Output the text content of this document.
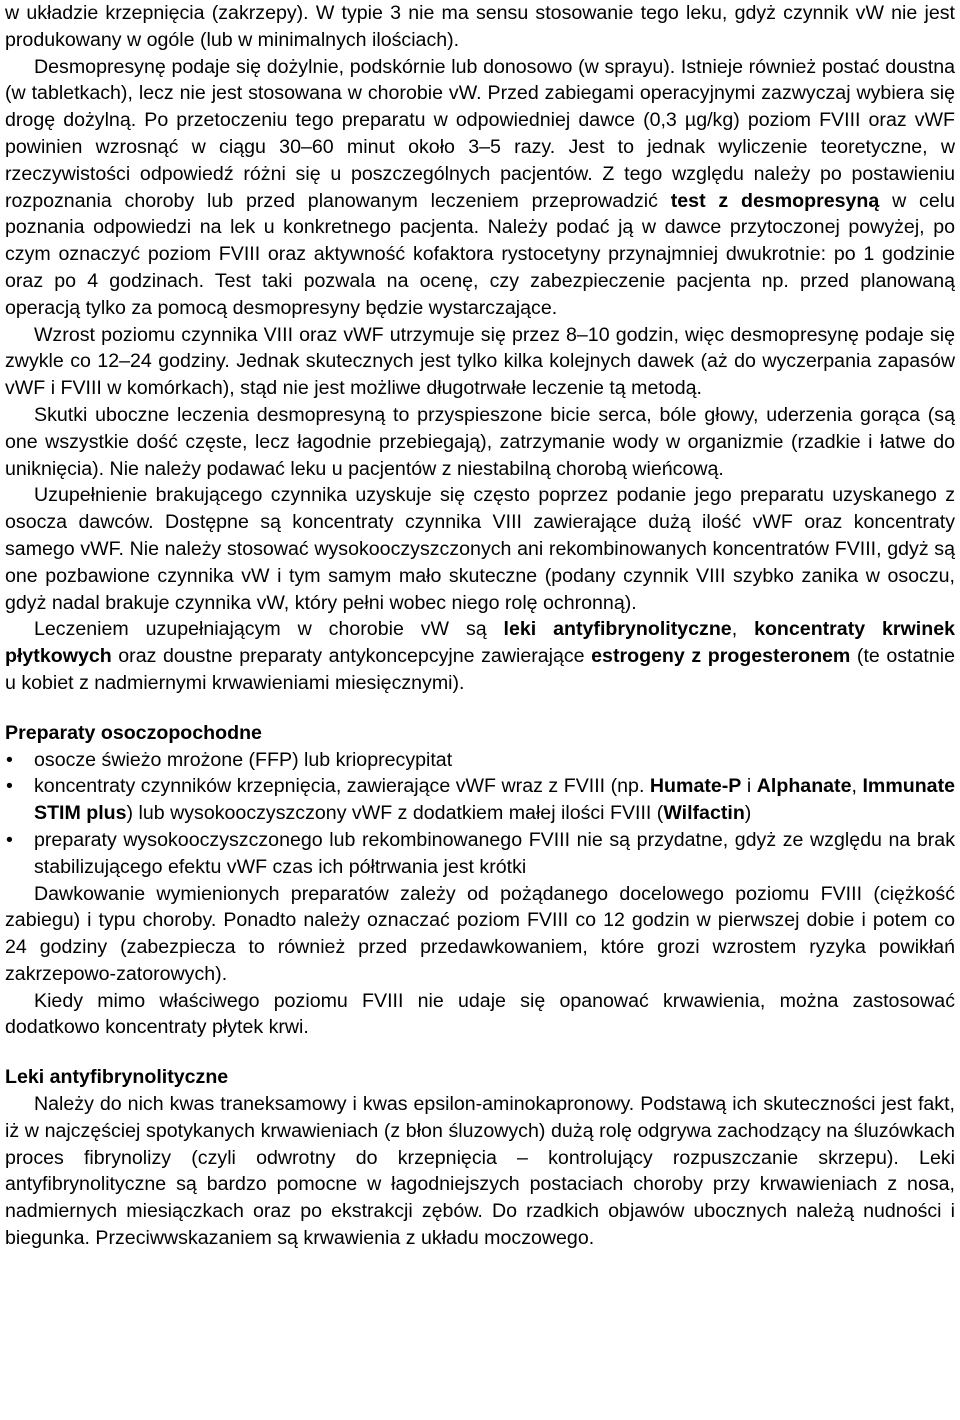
w układzie krzepnięcia (zakrzepy). W typie 3 nie ma sensu stosowanie tego leku, gdyż czynnik vW nie jest produkowany w ogóle (lub w minimalnych ilościach).

Desmopresynę podaje się dożylnie, podskórnie lub donosowo (w sprayu). Istnieje również postać doustna (w tabletkach), lecz nie jest stosowana w chorobie vW. Przed zabiegami operacyjnymi zazwyczaj wybiera się drogę dożylną. Po przetoczeniu tego preparatu w odpowiedniej dawce (0,3 µg/kg) poziom FVIII oraz vWF powinien wzrosnąć w ciągu 30–60 minut około 3–5 razy. Jest to jednak wyliczenie teoretyczne, w rzeczywistości odpowiedź różni się u poszczególnych pacjentów. Z tego względu należy po postawieniu rozpoznania choroby lub przed planowanym leczeniem przeprowadzić test z desmopresyną w celu poznania odpowiedzi na lek u konkretnego pacjenta. Należy podać ją w dawce przytoczonej powyżej, po czym oznaczyć poziom FVIII oraz aktywność kofaktora rystocetyny przynajmniej dwukrotnie: po 1 godzinie oraz po 4 godzinach. Test taki pozwala na ocenę, czy zabezpieczenie pacjenta np. przed planowaną operacją tylko za pomocą desmopresyny będzie wystarczające.

Wzrost poziomu czynnika VIII oraz vWF utrzymuje się przez 8–10 godzin, więc desmopresynę podaje się zwykle co 12–24 godziny. Jednak skutecznych jest tylko kilka kolejnych dawek (aż do wyczerpania zapasów vWF i FVIII w komórkach), stąd nie jest możliwe długotrwałe leczenie tą metodą.

Skutki uboczne leczenia desmopresyną to przyspieszone bicie serca, bóle głowy, uderzenia gorąca (są one wszystkie dość częste, lecz łagodnie przebiegają), zatrzymanie wody w organizmie (rzadkie i łatwe do uniknięcia). Nie należy podawać leku u pacjentów z niestabilną chorobą wieńcową.

Uzupełnienie brakującego czynnika uzyskuje się często poprzez podanie jego preparatu uzyskanego z osocza dawców. Dostępne są koncentraty czynnika VIII zawierające dużą ilość vWF oraz koncentraty samego vWF. Nie należy stosować wysokooczyszczonych ani rekombinowanych koncentratów FVIII, gdyż są one pozbawione czynnika vW i tym samym mało skuteczne (podany czynnik VIII szybko zanika w osoczu, gdyż nadal brakuje czynnika vW, który pełni wobec niego rolę ochronną).

Leczeniem uzupełniającym w chorobie vW są leki antyfibrynolityczne, koncentraty krwinek płytkowych oraz doustne preparaty antykoncepcyjne zawierające estrogeny z progesteronem (te ostatnie u kobiet z nadmiernymi krwawieniami miesięcznymi).

Preparaty osoczopochodne

• osocze świeżo mrożone (FFP) lub krioprecypitat
• koncentraty czynników krzepnięcia, zawierające vWF wraz z FVIII (np. Humate-P i Alphanate, Immunate STIM plus) lub wysokooczyszczony vWF z dodatkiem małej ilości FVIII (Wilfactin)
• preparaty wysokooczyszczonego lub rekombinowanego FVIII nie są przydatne, gdyż ze względu na brak stabilizującego efektu vWF czas ich półtrwania jest krótki

Dawkowanie wymienionych preparatów zależy od pożądanego docelowego poziomu FVIII (ciężkość zabiegu) i typu choroby. Ponadto należy oznaczać poziom FVIII co 12 godzin w pierwszej dobie i potem co 24 godziny (zabezpiecza to również przed przedawkowaniem, które grozi wzrostem ryzyka powikłań zakrzepowo-zatorowych).

Kiedy mimo właściwego poziomu FVIII nie udaje się opanować krwawienia, można zastosować dodatkowo koncentraty płytek krwi.

Leki antyfibrynolityczne

Należy do nich kwas traneksamowy i kwas epsilon-aminokapronowy. Podstawą ich skuteczności jest fakt, iż w najczęściej spotykanych krwawieniach (z błon śluzowych) dużą rolę odgrywa zachodzący na śluzówkach proces fibrynolizy (czyli odwrotny do krzepnięcia – kontrolujący rozpuszczanie skrzepu). Leki antyfibrynolityczne są bardzo pomocne w łagodniejszych postaciach choroby przy krwawieniach z nosa, nadmiernych miesiączkach oraz po ekstrakcji zębów. Do rzadkich objawów ubocznych należą nudności i biegunka. Przeciwwskazaniem są krwawienia z układu moczowego.
